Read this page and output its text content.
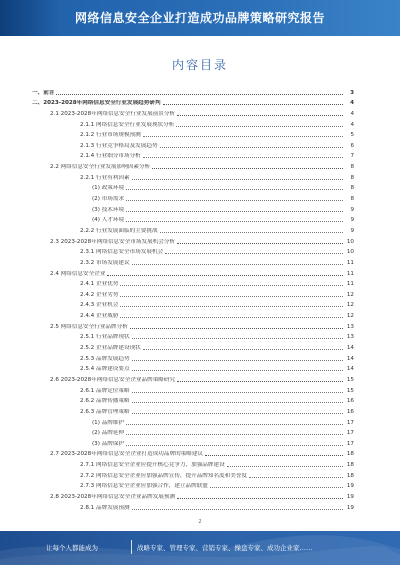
网络信息安全企业打造成功品牌策略研究报告
内容目录
一、前言	3
二、2023-2028年网络信息安全行业发展趋势研判	4
2.1 2023-2028年网络信息安全行业发展前景分析	4
2.1.1 网络信息安全行业发展现状分析	4
2.1.2 行业市场规模预测	5
2.1.3 行业竞争格局及发展趋势	6
2.1.4 行业细分市场分析	7
2.2 网络信息安全行业发展影响因素分析	8
2.2.1 行业有利因素	8
(1) 政策环境	8
(2) 市场需求	8
(3) 技术环境	9
(4) 人才环境	9
2.2.2 行业发展面临的主要挑战	9
2.3 2023-2028年网络信息安全市场发展机会分析	10
2.3.1 网络信息安全市场发展机会	10
2.3.2 市场发展建议	11
2.4 网络信息安全企业	11
2.4.1 企业优势	11
2.4.2 企业劣势	12
2.4.3 企业机会	12
2.4.4 企业威胁	12
2.5 网络信息安全行业品牌分析	13
2.5.1 行业品牌现状	13
2.5.2 企业品牌建设现状	14
2.5.3 品牌发展趋势	14
2.5.4 品牌建设要点	14
2.6 2023-2028年网络信息安全企业品牌策略研究	15
2.6.1 品牌定位策略	15
2.6.2 品牌传播策略	16
2.6.3 品牌管理策略	16
(1) 品牌维护	17
(2) 品牌延伸	17
(3) 品牌保护	17
2.7 2023-2028年网络信息安全企业打造成功品牌的策略建议	18
2.7.1 网络信息安全企业应提升核心竞争力，加强品牌建设	18
2.7.2 网络信息安全企业应加强品牌宣传，提升品牌知名度和美誉度	18
2.7.3 网络信息安全企业应加强合作，建立品牌联盟	19
2.8 2023-2028年网络信息安全企业品牌发展预测	19
2.8.1 品牌发展预测	19
2
让每个人都能成为	战略专家、管理专家、营销专家、操盘专家、成功企业家……
